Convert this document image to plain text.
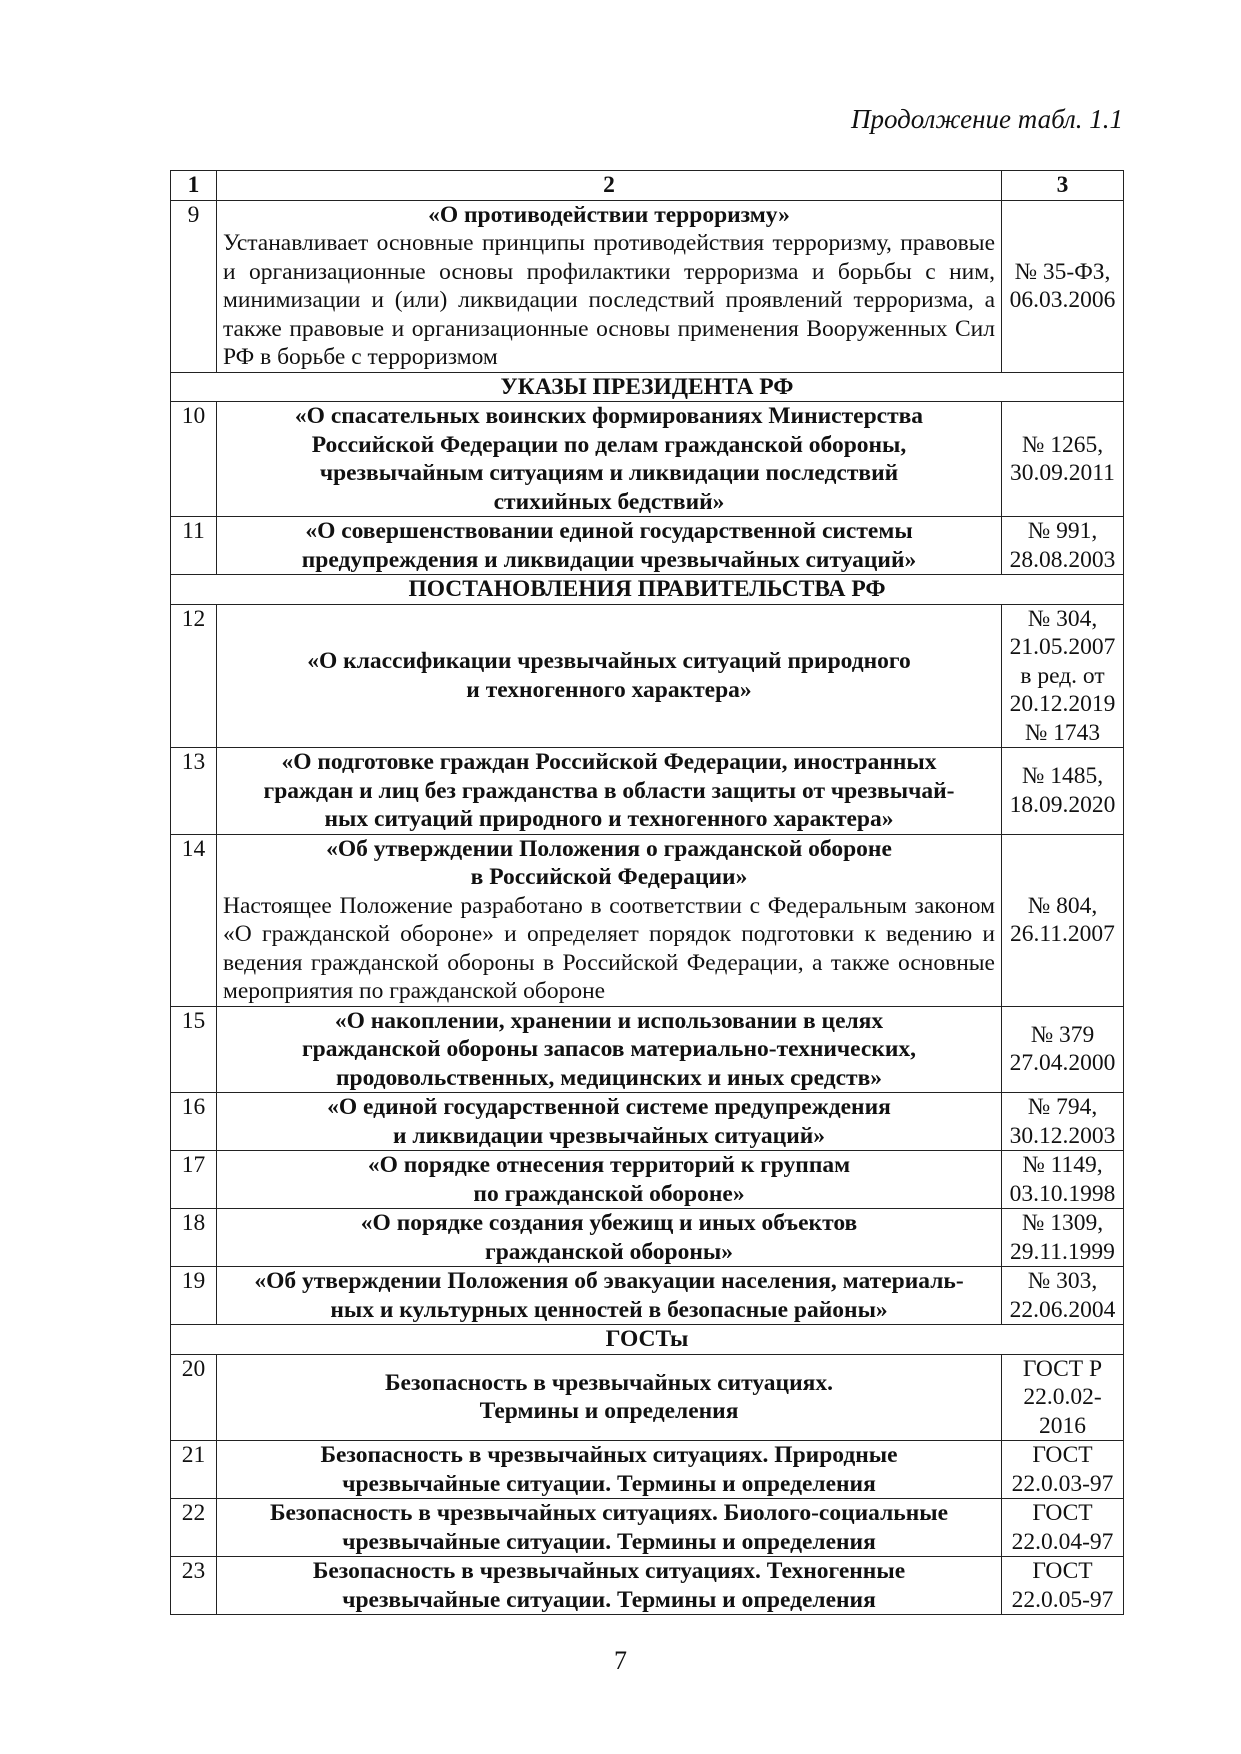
Продолжение табл. 1.1
1	2	3
9	«О противодействии терроризму»
Устанавливает основные принципы противодействия терроризму, правовые и организационные основы профилактики терроризма и борьбы с ним, минимизации и (или) ликвидации последствий проявлений терроризма, а также правовые и организационные основы применения Вооруженных Сил РФ в борьбе с терроризмом	№ 35-ФЗ,
06.03.2006
УКАЗЫ ПРЕЗИДЕНТА РФ		
10	«О спасательных воинских формированиях Министерства
Российской Федерации по делам гражданской обороны,
чрезвычайным ситуациям и ликвидации последствий
стихийных бедствий»	№ 1265,
30.09.2011
11	«О совершенствовании единой государственной системы
предупреждения и ликвидации чрезвычайных ситуаций»	№ 991,
28.08.2003
ПОСТАНОВЛЕНИЯ ПРАВИТЕЛЬСТВА РФ		
12	«О классификации чрезвычайных ситуаций природного
и техногенного характера»	№ 304,
21.05.2007
в ред. от
20.12.2019
№ 1743
13	«О подготовке граждан Российской Федерации, иностранных
граждан и лиц без гражданства в области защиты от чрезвычай-
ных ситуаций природного и техногенного характера»	№ 1485,
18.09.2020
14	«Об утверждении Положения о гражданской обороне
в Российской Федерации»
Настоящее Положение разработано в соответствии с Федеральным законом «О гражданской обороне» и определяет порядок подготовки к ведению и ведения гражданской обороны в Российской Федерации, а также основные мероприятия по гражданской обороне	№ 804,
26.11.2007
15	«О накоплении, хранении и использовании в целях
гражданской обороны запасов материально-технических,
продовольственных, медицинских и иных средств»	№ 379
27.04.2000
16	«О единой государственной системе предупреждения
и ликвидации чрезвычайных ситуаций»	№ 794,
30.12.2003
17	«О порядке отнесения территорий к группам
по гражданской обороне»	№ 1149,
03.10.1998
18	«О порядке создания убежищ и иных объектов
гражданской обороны»	№ 1309,
29.11.1999
19	«Об утверждении Положения об эвакуации населения, материаль-
ных и культурных ценностей в безопасные районы»	№ 303,
22.06.2004
ГОСТы		
20	Безопасность в чрезвычайных ситуациях.
Термины и определения	ГОСТ Р
22.0.02-
2016
21	Безопасность в чрезвычайных ситуациях. Природные
чрезвычайные ситуации. Термины и определения	ГОСТ
22.0.03-97
22	Безопасность в чрезвычайных ситуациях. Биолого-социальные
чрезвычайные ситуации. Термины и определения	ГОСТ
22.0.04-97
23	Безопасность в чрезвычайных ситуациях. Техногенные
чрезвычайные ситуации. Термины и определения	ГОСТ
22.0.05-97
7
